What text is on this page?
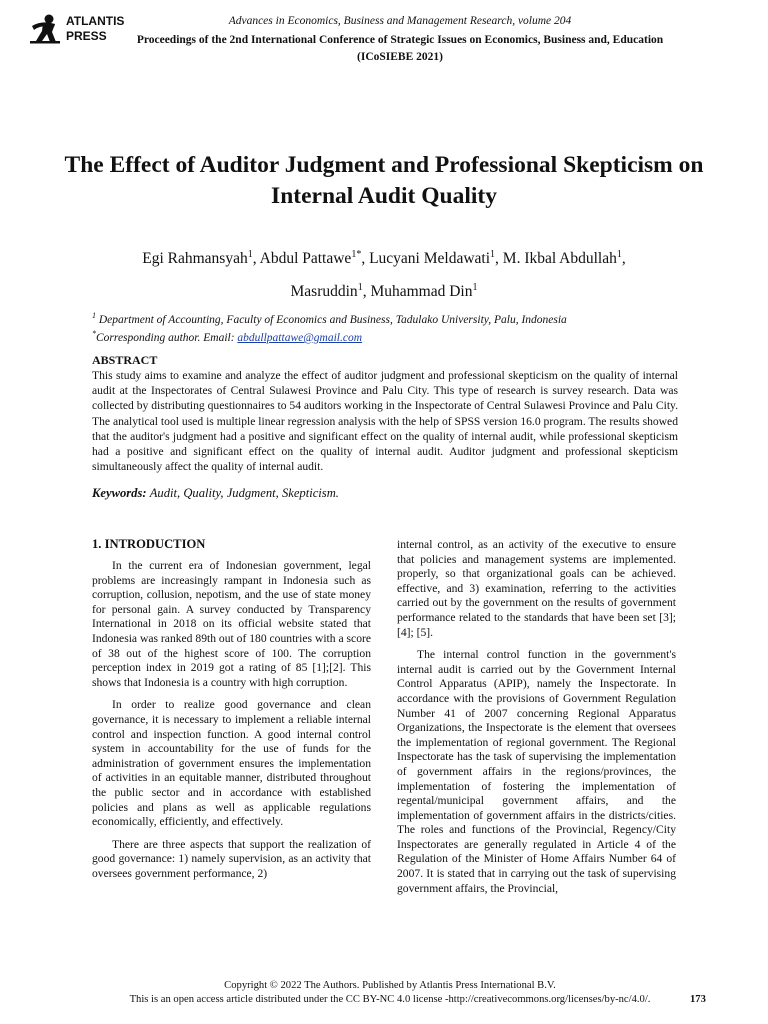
ATLANTIS
PRESS
Advances in Economics, Business and Management Research, volume 204
Proceedings of the 2nd International Conference of Strategic Issues on Economics, Business and, Education (ICoSIEBE 2021)
The Effect of Auditor Judgment and Professional Skepticism on Internal Audit Quality
Egi Rahmansyah$^1$, Abdul Pattawe$^{1*}$, Lucyani Meldawati$^1$, M. Ikbal Abdullah$^1$,
Masruddin$^1$, Muhammad Din$^1$
$^1$ Department of Accounting, Faculty of Economics and Business, Tadulako University, Palu, Indonesia
*Corresponding author. Email: abdullpattawe@gmail.com
ABSTRACT

This study aims to examine and analyze the effect of auditor judgment and professional skepticism on the quality of internal audit at the Inspectorates of Central Sulawesi Province and Palu City. This type of research is survey research. Data was collected by distributing questionnaires to 54 auditors working in the Inspectorate of Central Sulawesi Province and Palu City. The analytical tool used is multiple linear regression analysis with the help of SPSS version 16.0 program. The results showed that the auditor's judgment had a positive and significant effect on the quality of internal audit, while professional skepticism had a positive and significant effect on the quality of internal audit. Auditor judgment and professional skepticism simultaneously affect the quality of internal audit.

Keywords: Audit, Quality, Judgment, Skepticism.
1. INTRODUCTION

In the current era of Indonesian government, legal problems are increasingly rampant in Indonesia such as corruption, collusion, nepotism, and the use of state money for personal gain. A survey conducted by Transparency International in 2018 on its official website stated that Indonesia was ranked 89th out of 180 countries with a score of 38 out of the highest score of 100. The corruption perception index in 2019 got a rating of 85 [1];[2]. This shows that Indonesia is a country with high corruption.

In order to realize good governance and clean governance, it is necessary to implement a reliable internal control and inspection function. A good internal control system in accountability for the use of funds for the administration of government ensures the implementation of activities in an equitable manner, distributed throughout the public sector and in accordance with established policies and plans as well as applicable regulations economically, efficiently, and effectively.

There are three aspects that support the realization of good governance: 1) namely supervision, as an activity that oversees government performance, 2)

internal control, as an activity of the executive to ensure that policies and management systems are implemented. properly, so that organizational goals can be achieved. effective, and 3) examination, referring to the activities carried out by the government on the results of government performance related to the standards that have been set [3]; [4]; [5].

The internal control function in the government's internal audit is carried out by the Government Internal Control Apparatus (APIP), namely the Inspectorate. In accordance with the provisions of Government Regulation Number 41 of 2007 concerning Regional Apparatus Organizations, the Inspectorate is the element that oversees the implementation of regional government. The Regional Inspectorate has the task of supervising the implementation of government affairs in the regions/provinces, the implementation of fostering the implementation of regental/municipal government affairs, and the implementation of government affairs in the districts/cities. The roles and functions of the Provincial, Regency/City Inspectorates are generally regulated in Article 4 of the Regulation of the Minister of Home Affairs Number 64 of 2007. It is stated that in carrying out the task of supervising government affairs, the Provincial,

Copyright © 2022 The Authors. Published by Atlantis Press International B.V.
This is an open access article distributed under the CC BY-NC 4.0 license -http://creativecommons.org/licenses/by-nc/4.0/.	173
